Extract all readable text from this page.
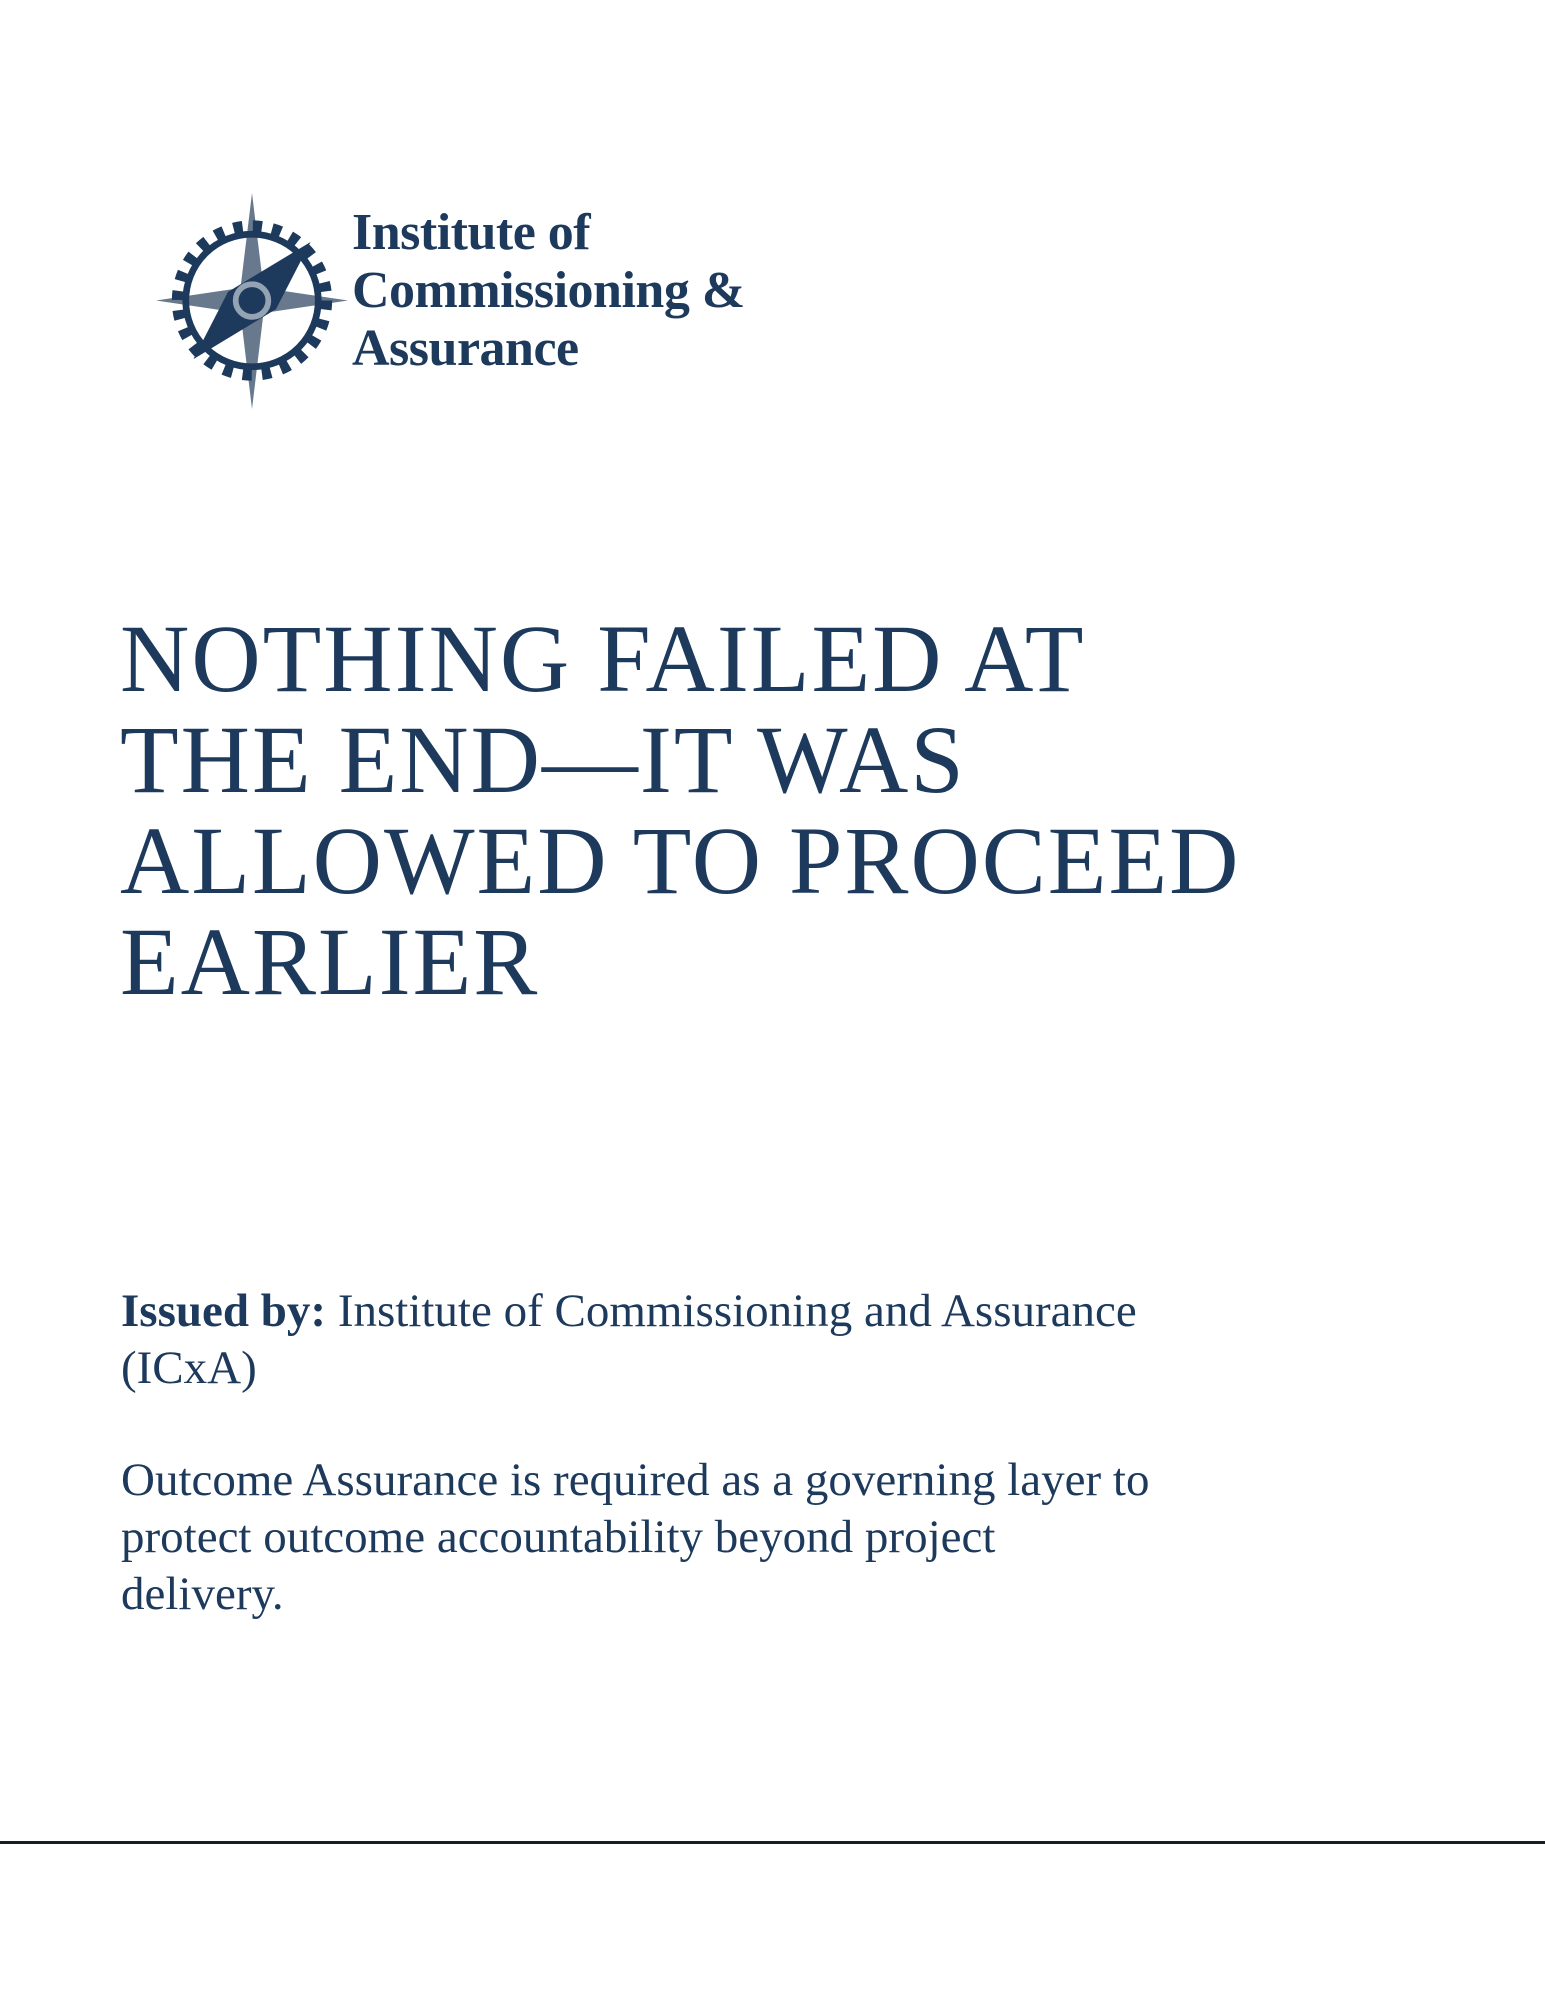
Institute of
Commissioning &
Assurance
NOTHING FAILED AT
THE END—IT WAS
ALLOWED TO PROCEED
EARLIER
Issued by: Institute of Commissioning and Assurance
(ICxA)
Outcome Assurance is required as a governing layer to
protect outcome accountability beyond project
delivery.
